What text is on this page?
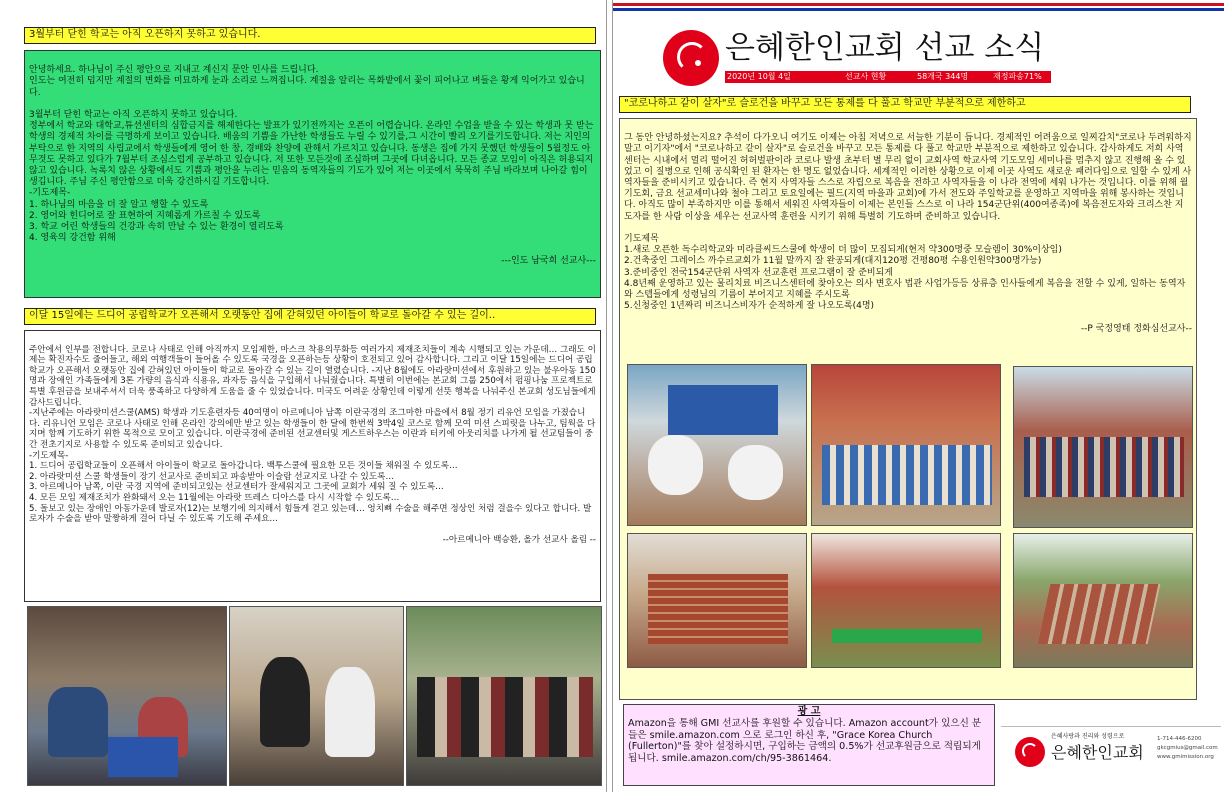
3월부터 닫힌 학교는 아직 오픈하지 못하고 있습니다.

안녕하세요. 하나님이 주신 평안으로 지내고 계신지 문안 인사를 드립니다.
인도는 여전히 덥지만 계절의 변화를 미묘하게 눈과 소리로 느껴집니다. 계절을 알리는 목화밭에서 꽃이 피어나고 벼들은 황게 익어가고 있습니다.

3월부터 닫힌 학교는 아직 오픈하지 못하고 있습니다.
정부에서 학교와 대학교,튜션센터의 심합금지를 해제한다는 발표가 있기전까지는 오픈이 어렵습니다. 온라인 수업을 받을 수 있는 학생과 못 받는 학생의 경제적 차이를 극명하게 보이고 있습니다. 배움의 기쁨을 가난한 학생들도 누릴 수 있기를,그 시간이 빨리 오기를기도합니다. 저는 지인의 부탁으로 한 지역의 사립교에서 학생들에게 영어 한 창, 경배와 찬양에 관해서 가르치고 있습니다. 동생은 집에 가지 못했던 학생들이 5월정도 아무것도 못하고 있다가 7월부터 조심스럽게 공부하고 있습니다. 저 또한 모든것에 조심하며 그곳에 다녀옵니다. 모든 종교 모임이 아직은 허용되지 않고 있습니다. 녹록치 않은 상황에서도 기쁨과 평안을 누리는 믿음의 동역자들의 기도가 있어 저는 이곳에서 묵묵히 주님 바라보며 나아갈 힘이 생깁니다. 주님 주신 평안함으로 더욱 강건하시길 기도합니다.
-기도제목-
1. 하나님의 마음을 더 잘 알고 행할 수 있도록
2. 영어와 힌디어로 잘 표현하여 지혜롭게 가르칠 수 있도록
3. 학교 어린 학생들의 건강과 속히 만날 수 있는 환경이 열리도록
4. 영육의 강건함 위해

---인도 남국희 선교사---

이달 15일에는 드디어 공립학교가 오픈해서 오랫동안 집에 갇혀있던 아이들이 학교로 돌아갈 수 있는 길이..

주안에서 인부를 전합니다. 코로나 사태로 인해 아직까지 모임제한, 마스크 착용의무화등 여러가지 제재조치들이 계속 시행되고 있는 가운데… 그래도 이제는 확진자수도 줄어들고, 해외 여행객들이 들어올 수 있도록 국경을 오픈하는등 상황이 호전되고 있어 감사합니다. 그리고 이달 15일에는 드디어 공립학교가 오픈해서 오랫동안 집에 갇혀있던 아이들이 학교로 돌아갈 수 있는 길이 열렸습니다. -지난 8월에도 아라랏미션에서 후원하고 있는 불우아동 150명과 장애인 가족들에게 3톤 가량의 음식과 식용유, 과자등 음식을 구입해서 나눠줬습니다. 특별히 이번에는 본교회 그룹 250에서 펌핑나눔 프로젝트로 특별 후원금을 보내주셔서 더욱 풍족하고 다양하게 도움을 줄 수 있었습니다. 미국도 어려운 상황인데 이렇게 선뜻 행복을 나눠주신 본교회 성도님들에게 감사드립니다.
-지난주에는 아라랏미션스쿨(AMS) 학생과 기도훈련자등 40여명이 아르메니아 남쪽 이란국경의 조그마한 마을에서 8월 정기 리유언 모임을 가졌습니다. 리유니언 모임은 코로나 사태로 인해 온라인 강의에만 받고 있는 학생들이 한 달에 한번씩 3박4일 코스로 함께 모여 미션 스피릿을 나누고, 팀웍을 다지며 함께 기도하기 위한 목적으로 모이고 있습니다. 이란국경에 준비된 선교센터및 게스트하우스는 이란과 터키에 아웃리치를 나가게 될 선교팀들이 중간 전초기지로 사용할 수 있도록 준비되고 있습니다.
-기도제목-
1. 드디어 공립학교들이 오픈해서 아이들이 학교로 돌아갑니다. 백투스쿨에 필요한 모든 것이들 채워질 수 있도록…
2. 아라랏미션 스쿨 학생들이 장기 선교사로 준비되고 파송받아 이슬람 선교지로 나갈 수 있도록…
3. 아르메니아 남쪽, 이란 국경 지역에 준비되고있는 선교센터가 잘세워지고 그곳에 교회가 세워 질 수 있도록…
4. 모든 모임 제재조치가 완화돼서 오는 11월에는 아라랏 뜨레스 디아스를 다시 시작할 수 있도록…
5. 돌보고 있는 장애인 아동가운데 발로자(12)는 보행기에 의지해서 힘들게 걷고 있는데… 엉치뼈 수술을 해주면 정상인 처럼 걸을수 있다고 합니다. 발로자가 수술을 받아 말짱하게 걸어 다닐 수 있도록 기도해 주세요…

--아르메니아 백승환, 올가 선교사 올림 --

은혜한인교회 선교 소식
2020년 10월 4일	선교사 현황	58개국 344명	재정파송71%
"코로나하고 같이 살자"로 슬로건을 바꾸고 모든 통제를 다 풀고 학교만 부분적으로 제한하고

그 동안 안녕하셨는지요? 추석이 다가오니 여기도 이제는 아침 저녁으로 서늘한 기분이 듭니다. 경제적인 어려움으로 일찌감치"코로나 두려워하지 말고 이기자"에서 "코로나하고 같이 살자"로 슬로건을 바꾸고 모든 통제를 다 풀고 학교만 부분적으로 제한하고 있습니다. 감사하게도 저희 사역센터는 시내에서 멀리 떨어진 허허벌판이라 코로나 발생 초부터 별 무리 없이 교회사역 학교사역 기도모임 세미나를 멈추지 않고 진행해 올 수 있었고 이 질병으로 인해 공식확인 된 환자는 한 명도 없었습니다. 세계적인 이러한 상황으로 이제 이곳 사역도 새로운 패러다임으로 일할 수 있게 사역자들을 준비시키고 있습니다. 즉 현지 사역자들 스스로 자립으로 복음을 전하고 사역자들을 이 나라 전역에 세워 나가는 것입니다. 이를 위해 월 기도회, 금요 선교세미나와 철야 그리고 토요일에는 필드(지역 마을과 교회)에 가서 전도와 주일학교를 운영하고 지역마을 위해 봉사하는 것입니다. 아직도 많이 부족하지만 이를 통해서 세워진 사역자들이 이제는 본인들 스스로 이 나라 154군단위(400여종족)에 복음전도자와 크리스찬 지도자를 한 사람 이상을 세우는 선교사역 훈련을 시키기 위해 특별히 기도하며 준비하고 있습니다.

기도제목
1.새로 오픈한 독수리학교와 미라클씨드스쿨에 학생이 더 많이 모집되게(현저 약300명중 모슬렘이 30%이상임)
2.건축중인 그레이스 까수르교회가 11월 말까지 잘 완공되게(대지120평 건평80평 수용인원약300명가능)
3.준비중인 전국154군단위 사역자 선교훈련 프로그램이 잘 준비되게
4.8년째 운영하고 있는 물리치료 비즈니스센터에 찾아오는 의사 변호사 법관 사업가등등 상류층 인사들에게 복음을 전할 수 있게, 일하는 동역자와 스텝들에게 성령님의 기름이 부어지고 지혜를 주시도록
5.신청중인 1년짜리 비즈니스비자가 순적하게 잘 나오도록(4명)

--P 국정영태 정화심선교사--

광 고
Amazon을 통해 GMI 선교사를 후원할 수 있습니다. Amazon account가 있으신 분들은 smile.amazon.com 으로 로그인 하신 후, "Grace Korea Church (Fullerton)"를 찾아 설정하시면, 구입하는 금액의 0.5%가 선교후원금으로 적립되게 됩니다. smile.amazon.com/ch/95-3861464.
은혜사랑과 진리와 성령으로
은혜한인교회
1-714-446-6200
gkcgmius@gmail.com
www.gmimission.org
